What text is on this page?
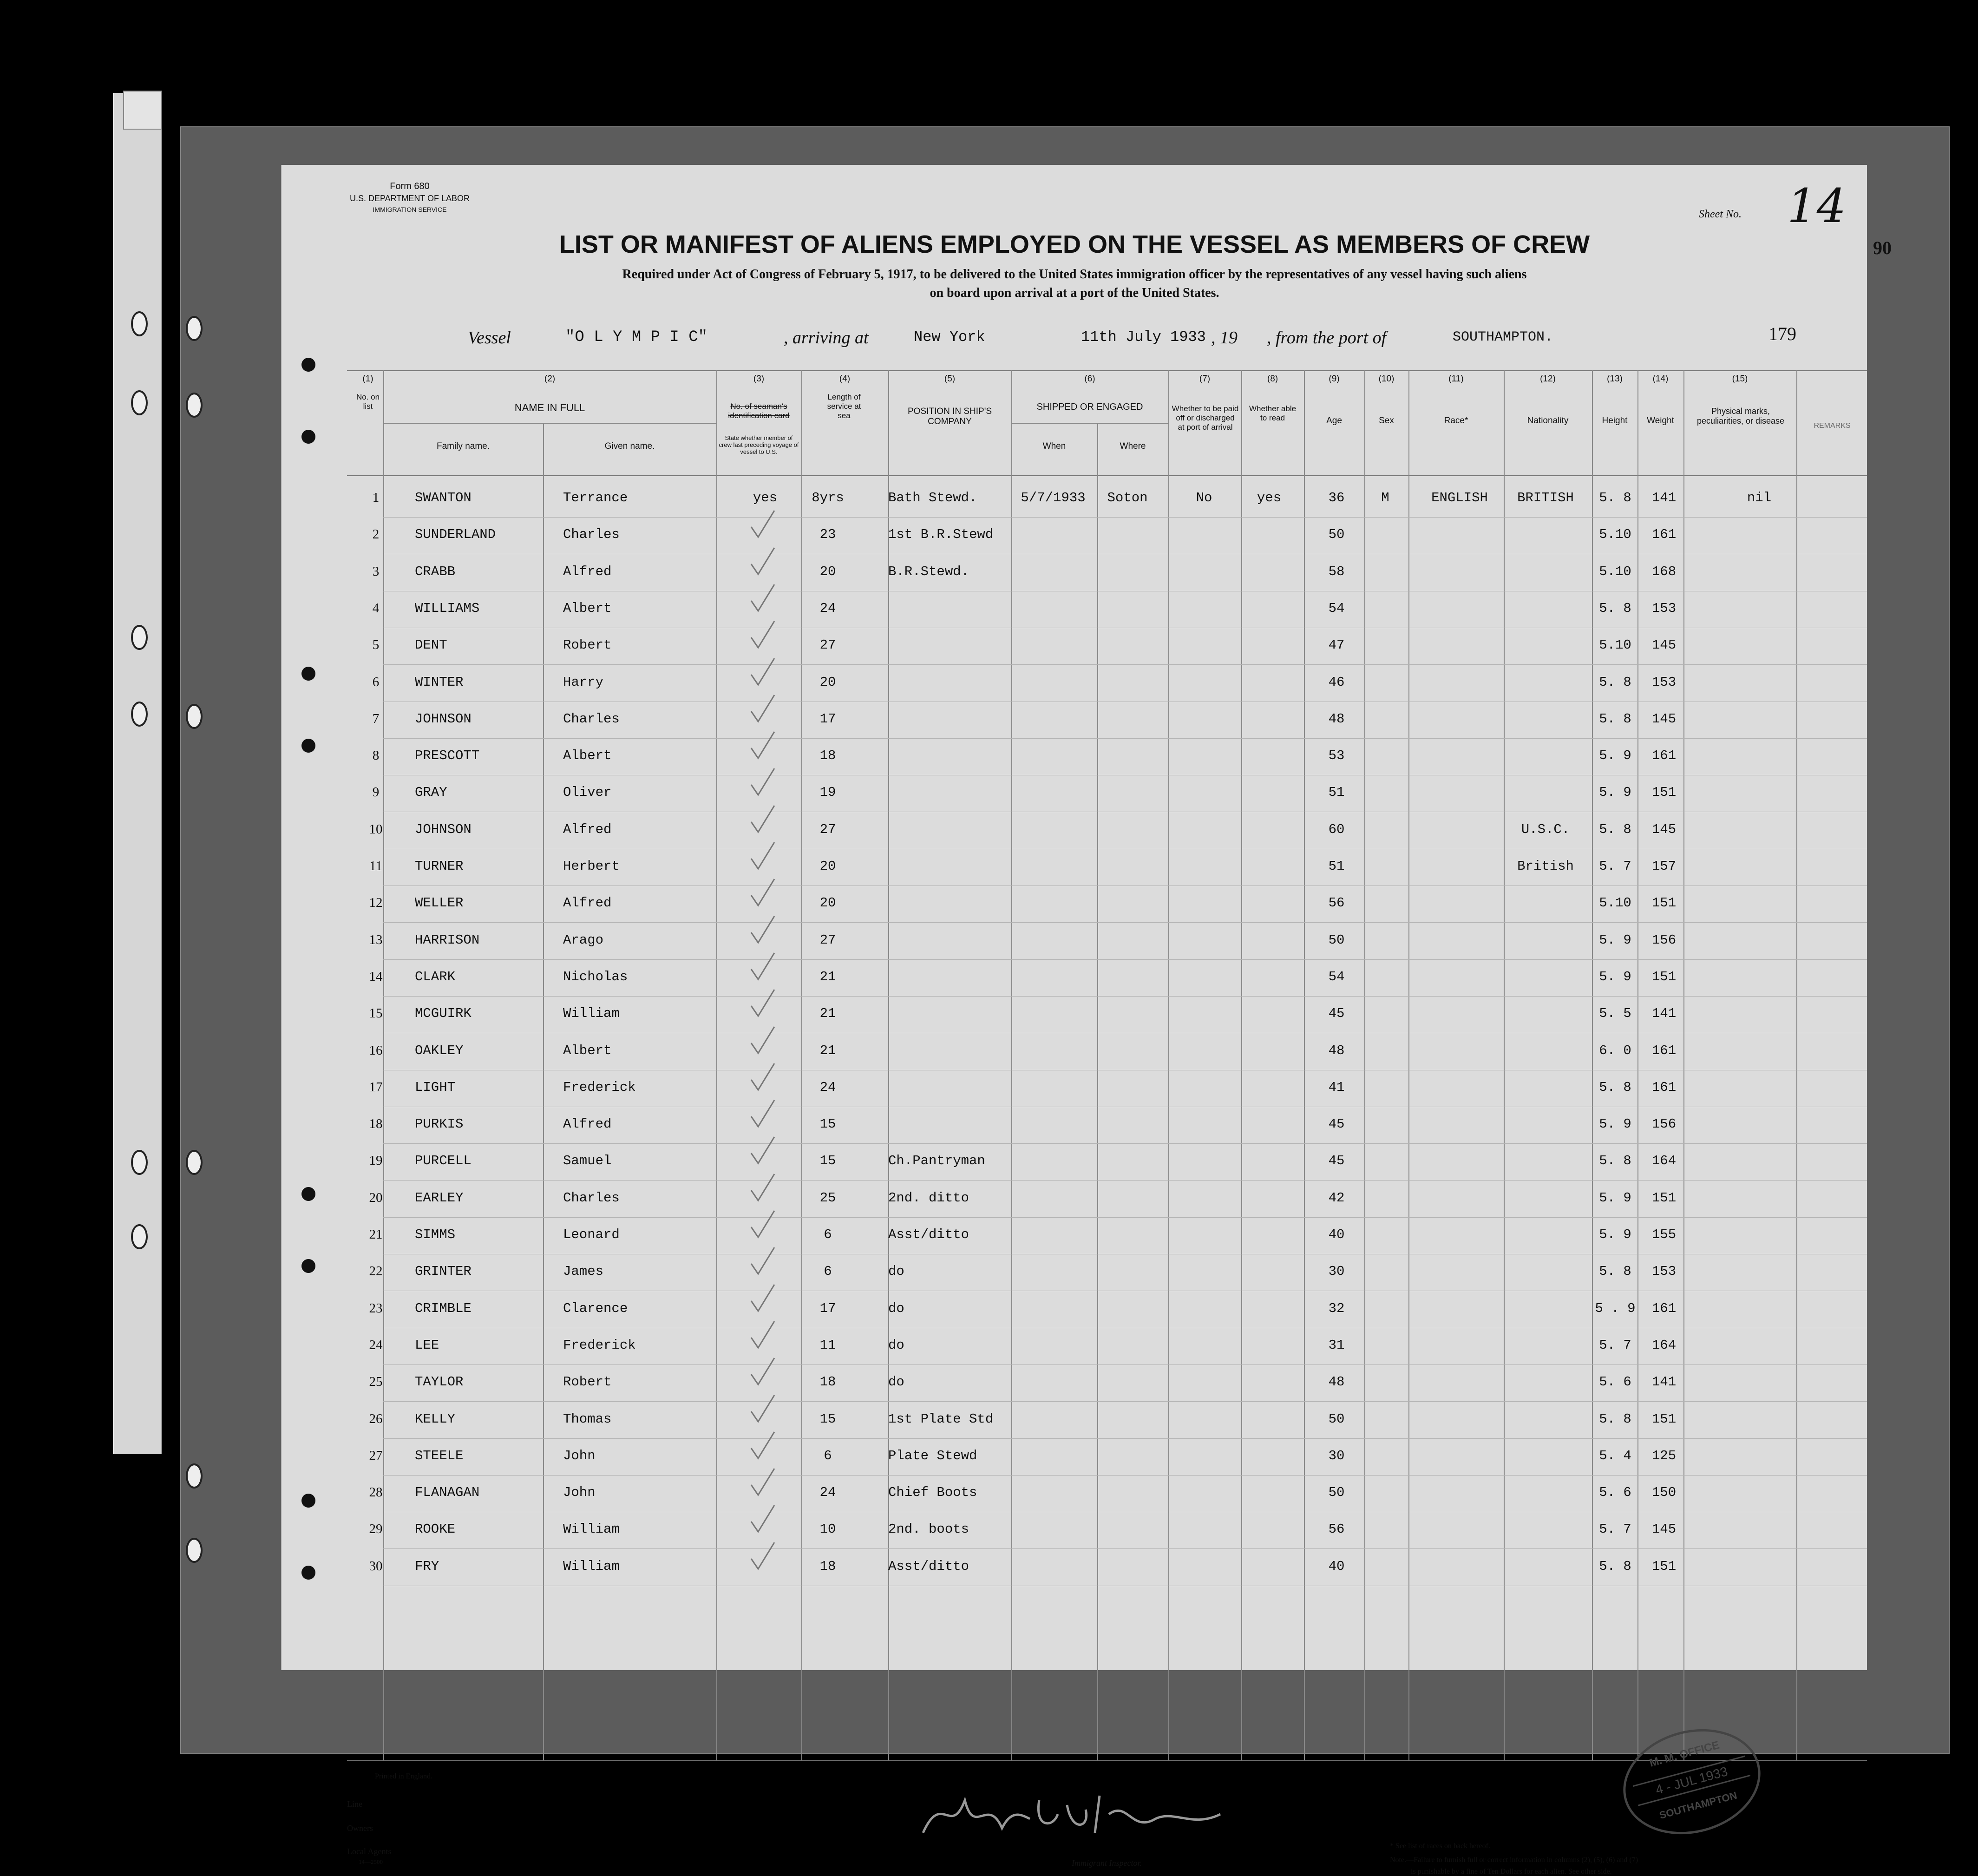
Form 680
U.S. DEPARTMENT OF LABOR
IMMIGRATION SERVICE	Sheet No. 14
90
LIST OR MANIFEST OF ALIENS EMPLOYED ON THE VESSEL AS MEMBERS OF CREW
Required under Act of Congress of February 5, 1917, to be delivered to the United States immigration officer by the representatives of any vessel having such aliens
on board upon arrival at a port of the United States.
Vessel	"O L Y M P I C"	, arriving at	New York	11th July 1933 , 19 , from the port of	SOUTHAMPTON.	179
(1)
No. on list
(2)
NAME IN FULL
Family name.	Given name.
(3)
No. of seaman's identification card
State whether member of crew last preceding voyage of vessel to U.S.
(4)
Length of service at sea
(5)
POSITION IN SHIP'S COMPANY
(6)
SHIPPED OR ENGAGED
When	Where
(7)
Whether to be paid off or discharged at port of arrival
(8)
Whether able to read
(9)
Age
(10)
Sex
(11)
Race*
(12)
Nationality
(13)
Height
(14)
Weight
(15)
Physical marks, peculiarities, or disease
REMARKS
1	SWANTON	Terrance	yes	8yrs	Bath Stewd.	5/7/1933	Soton	No	yes	36	M	ENGLISH	BRITISH	5. 8	141	nil
2	SUNDERLAND	Charles	23	1st B.R.Stewd	50	5.10	161
3	CRABB	Alfred	20	B.R.Stewd.	58	5.10	168
4	WILLIAMS	Albert	24	54	5. 8	153
5	DENT	Robert	27	47	5.10	145
6	WINTER	Harry	20	46	5. 8	153
7	JOHNSON	Charles	17	48	5. 8	145
8	PRESCOTT	Albert	18	53	5. 9	161
9	GRAY	Oliver	19	51	5. 9	151
10	JOHNSON	Alfred	27	60	U.S.C.	5. 8	145
11	TURNER	Herbert	20	51	British	5. 7	157
12	WELLER	Alfred	20	56	5.10	151
13	HARRISON	Arago	27	50	5. 9	156
14	CLARK	Nicholas	21	54	5. 9	151
15	MCGUIRK	William	21	45	5. 5	141
16	OAKLEY	Albert	21	48	6. 0	161
17	LIGHT	Frederick	24	41	5. 8	161
18	PURKIS	Alfred	15	45	5. 9	156
19	PURCELL	Samuel	15	Ch.Pantryman	45	5. 8	164
20	EARLEY	Charles	25	2nd. ditto	42	5. 9	151
21	SIMMS	Leonard	6	Asst/ditto	40	5. 9	155
22	GRINTER	James	6	do	30	5. 8	153
23	CRIMBLE	Clarence	17	do	32	5 . 9	161
24	LEE	Frederick	11	do	31	5. 7	164
25	TAYLOR	Robert	18	do	48	5. 6	141
26	KELLY	Thomas	15	1st Plate Std	50	5. 8	151
27	STEELE	John	6	Plate Stewd	30	5. 4	125
28	FLANAGAN	John	24	Chief Boots	50	5. 6	150
29	ROOKE	William	10	2nd. boots	56	5. 7	145
30	FRY	William	18	Asst/ditto	40	5. 8	151
Printed in England.
Line
Owners
Local Agents
14—2500	Immigrant Inspector.
* See list of races on back hereof.
Note.—Failure to furnish full or correct information in columns (2), (5), (6) and (7)
is punishable by a fine of Ten Dollars for each alien. See other side.
M. M. OFFICE
4 - JUL 1933
SOUTHAMPTON
